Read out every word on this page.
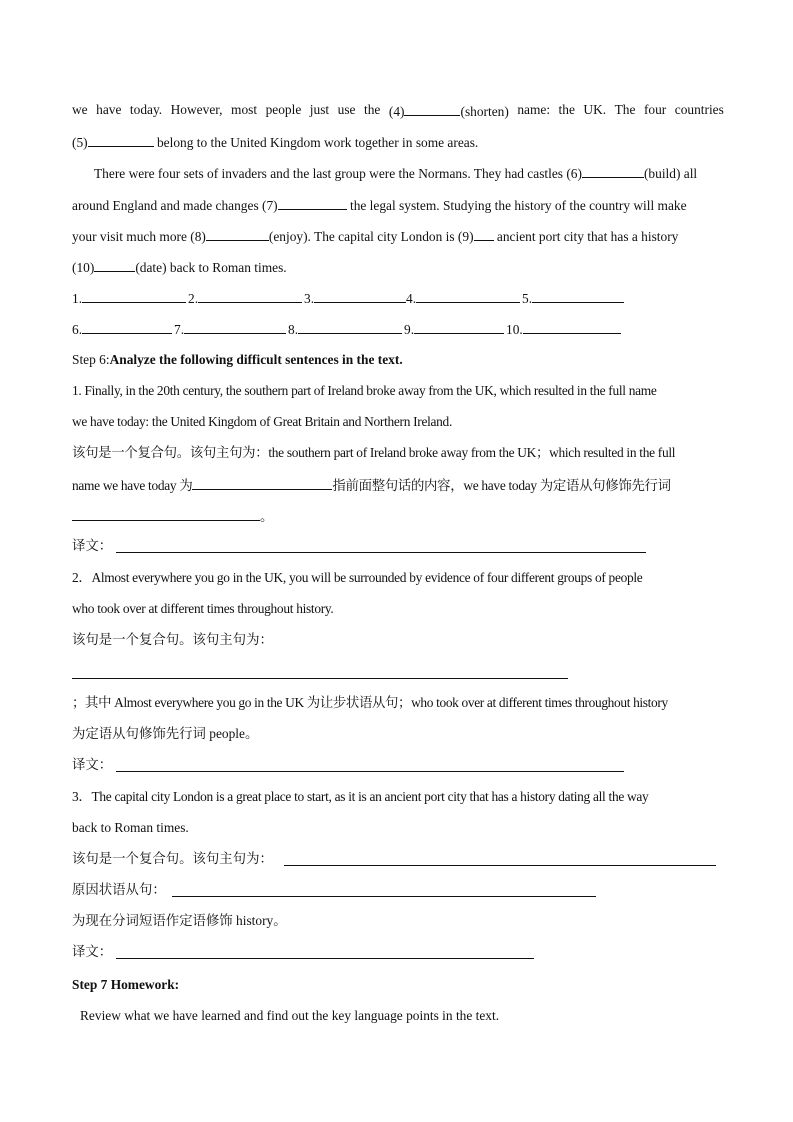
we have today. However, most people just use the (4)	(shorten) name: the UK. The four countries
(5)	belong to the United Kingdom work together in some areas.
There were four sets of invaders and the last group were the Normans. They had castles (6)	(build) all
around England and made changes (7)	the legal system. Studying the history of the country will make
your visit much more (8)	(enjoy). The capital city London is (9) ancient port city that has a history
(10)	(date) back to Roman times.
1.	2.	3.	4.	5.
6.	7.	8.	9.	10.
Step 6:Analyze the following difficult sentences in the text.
1. Finally, in the 20th century, the southern part of Ireland broke away from the UK, which resulted in the full name
we have today: the United Kingdom of Great Britain and Northern Ireland.
该句是一个复合句。该句主句为：the southern part of Ireland broke away from the UK；which resulted in the full
name we have today 为	指前面整句话的内容，we have today 为定语从句修饰先行词
。
译文：
2．Almost everywhere you go in the UK, you will be surrounded by evidence of four different groups of people
who took over at different times throughout history.
该句是一个复合句。该句主句为：
；其中 Almost everywhere you go in the UK 为让步状语从句；who took over at different times throughout history
为定语从句修饰先行词 people。
译文：
3．The capital city London is a great place to start, as it is an ancient port city that has a history dating all the way
back to Roman times.
该句是一个复合句。该句主句为：
原因状语从句：
为现在分词短语作定语修饰 history。
译文：
Step 7 Homework:
Review what we have learned and find out the key language points in the text.
